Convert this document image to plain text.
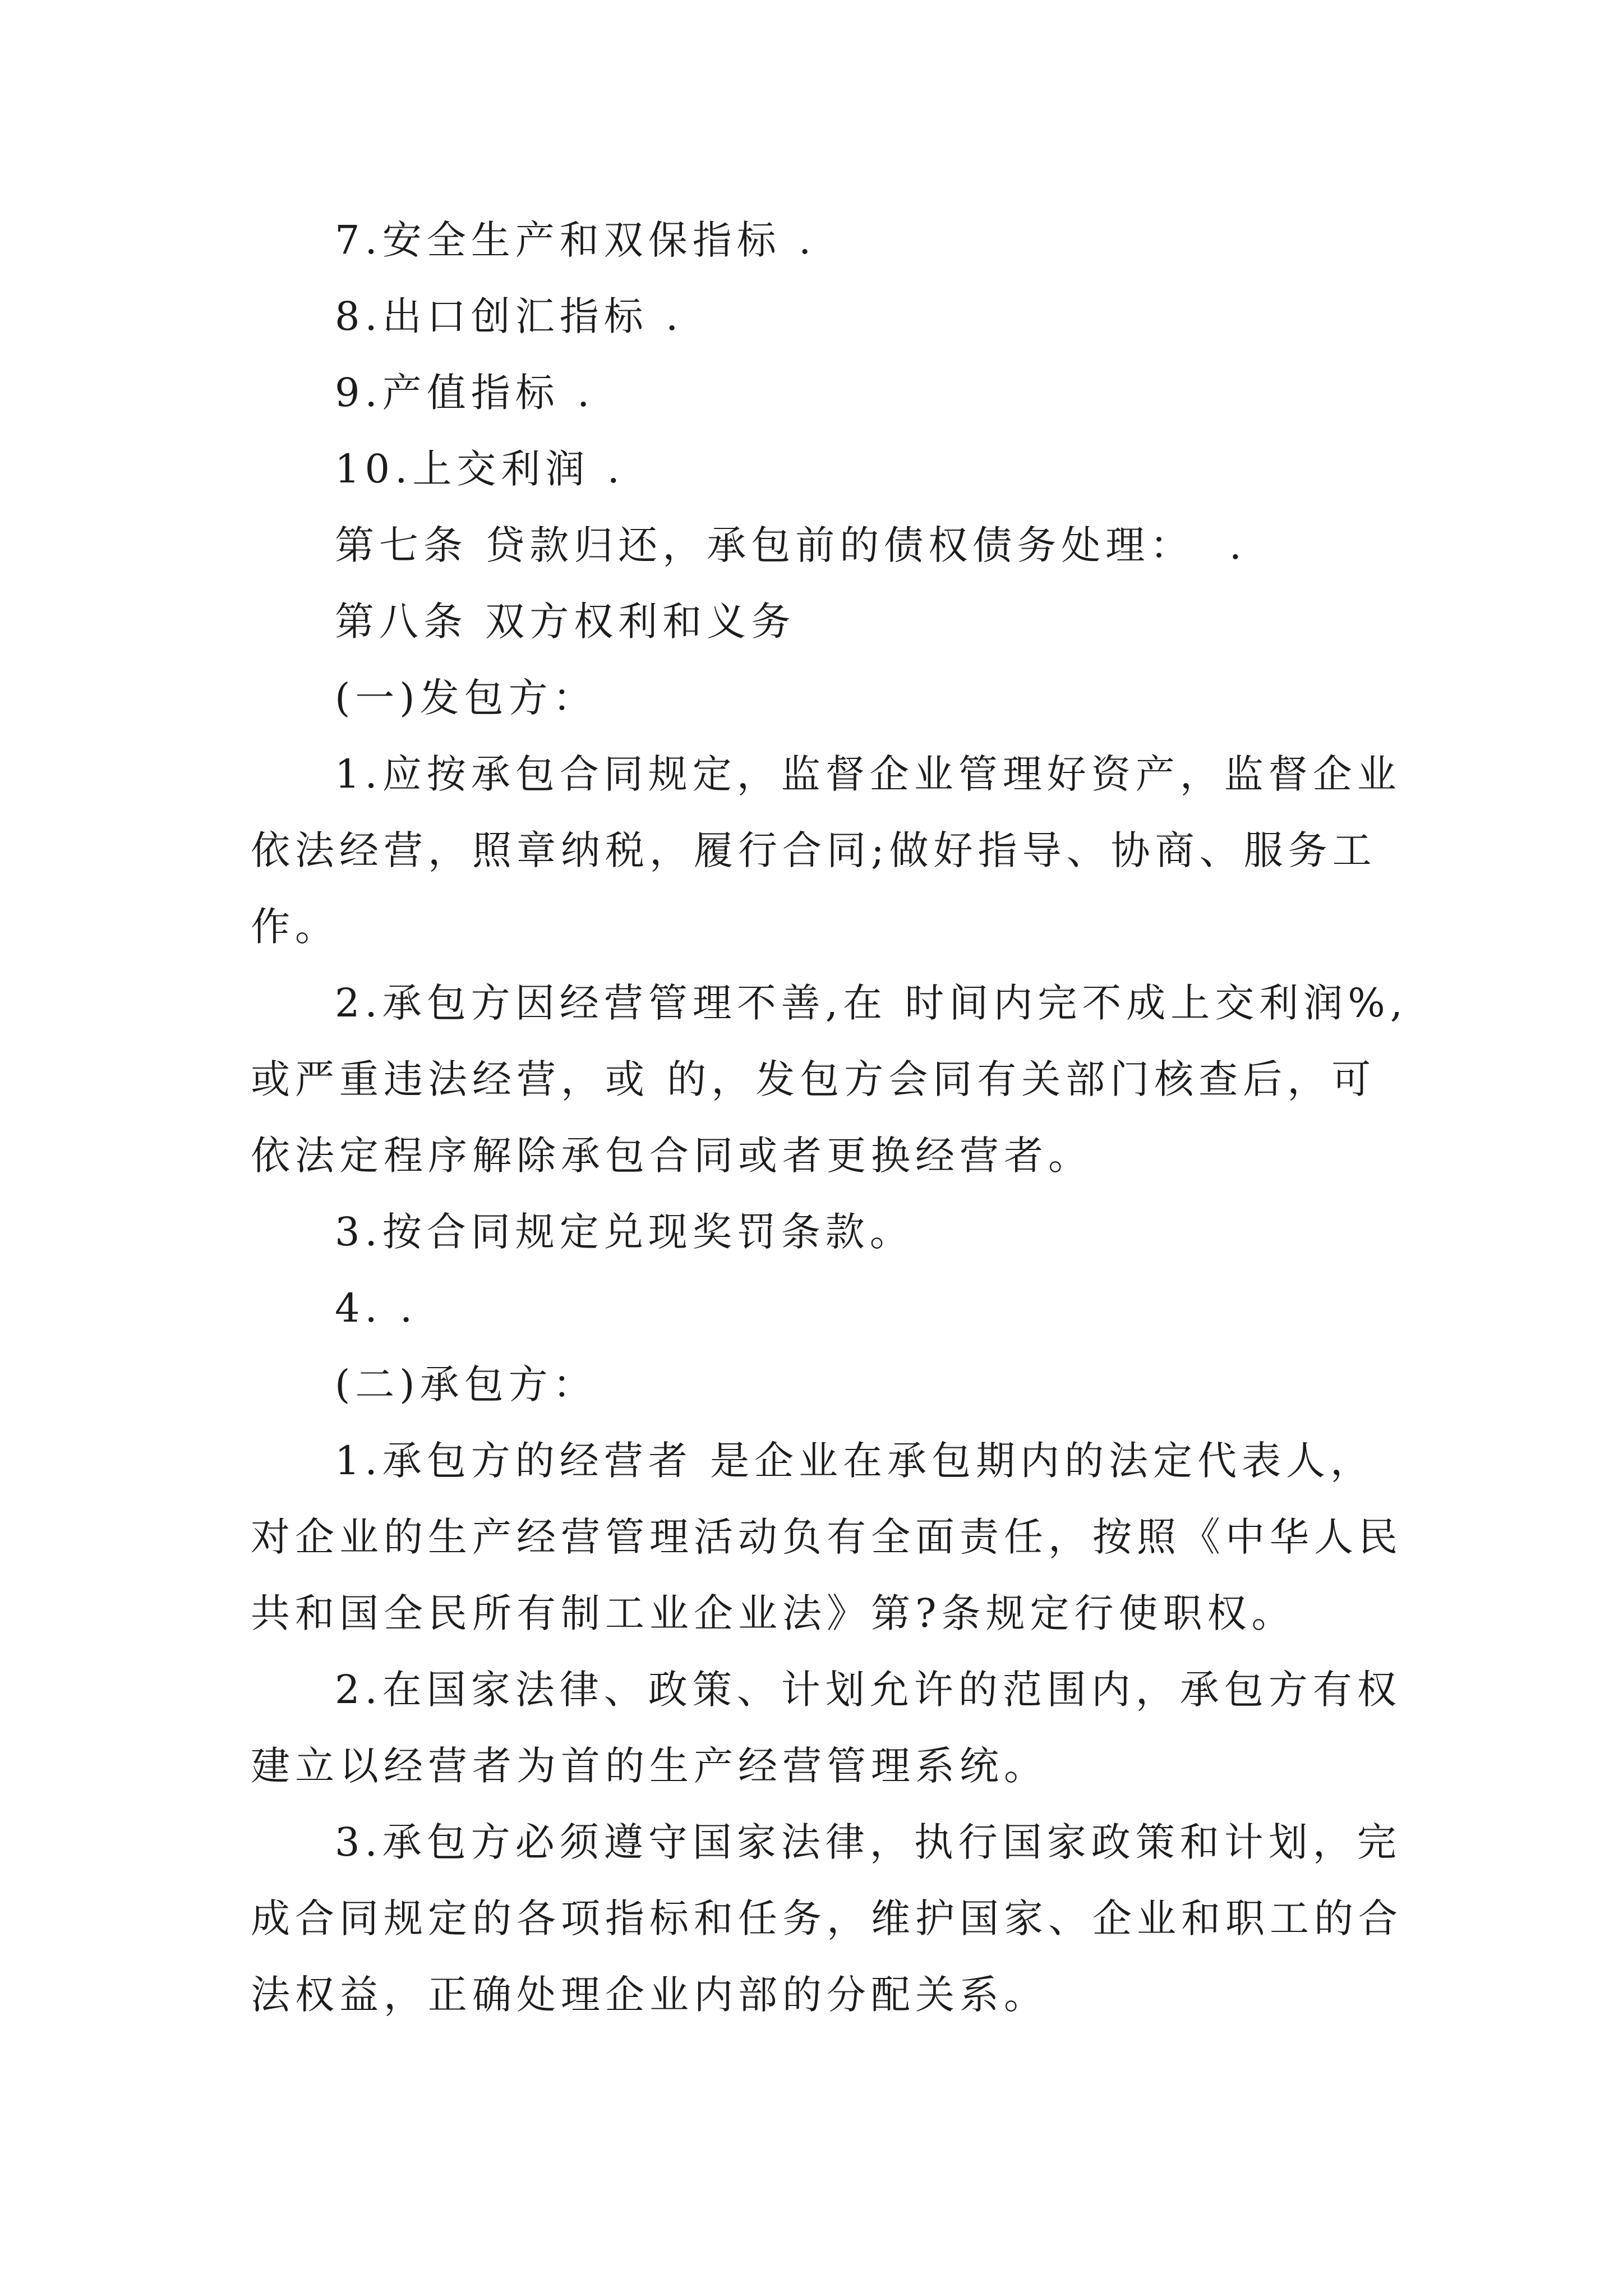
7.安全生产和双保指标 .
8.出口创汇指标 .
9.产值指标 .
10.上交利润 .
第七条 贷款归还，承包前的债权债务处理：  .
第八条 双方权利和义务
(一)发包方：
1.应按承包合同规定，监督企业管理好资产，监督企业
依法经营，照章纳税，履行合同;做好指导、协商、服务工
作。
2.承包方因经营管理不善,在 时间内完不成上交利润%,
或严重违法经营，或 的，发包方会同有关部门核查后，可
依法定程序解除承包合同或者更换经营者。
3.按合同规定兑现奖罚条款。
4. .
(二)承包方：
1.承包方的经营者 是企业在承包期内的法定代表人，
对企业的生产经营管理活动负有全面责任，按照《中华人民
共和国全民所有制工业企业法》第?条规定行使职权。
2.在国家法律、政策、计划允许的范围内，承包方有权
建立以经营者为首的生产经营管理系统。
3.承包方必须遵守国家法律，执行国家政策和计划，完
成合同规定的各项指标和任务，维护国家、企业和职工的合
法权益，正确处理企业内部的分配关系。
